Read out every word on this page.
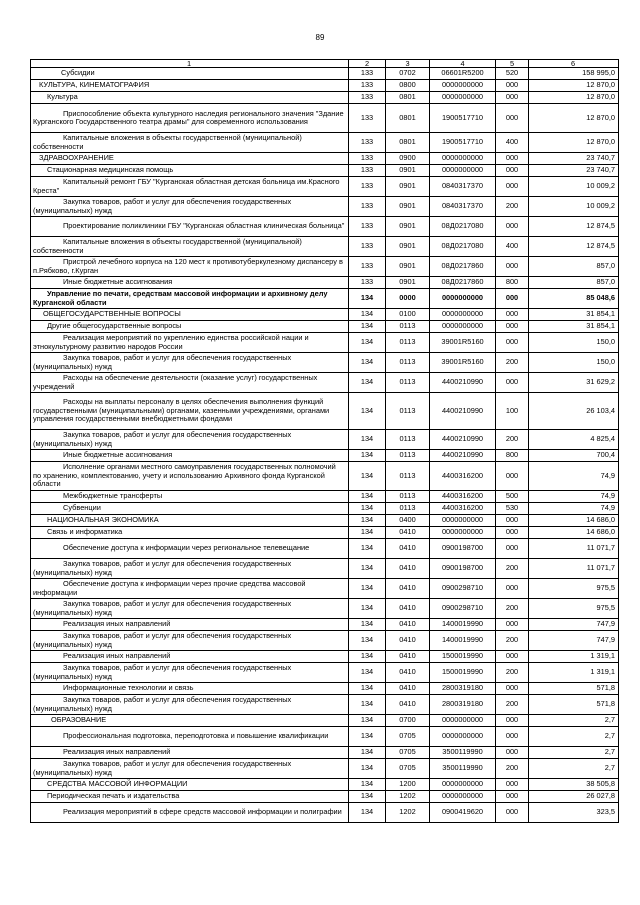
89
1	2	3	4	5	6
Субсидии	133	0702	06601R5200	520	158 995,0
КУЛЬТУРА, КИНЕМАТОГРАФИЯ	133	0800	0000000000	000	12 870,0
Культура	133	0801	0000000000	000	12 870,0
Приспособление объекта культурного наследия регионального значения "Здание Курганского Государственного театра драмы" для современного использования	133	0801	1900517710	000	12 870,0
Капитальные вложения в объекты государственной (муниципальной) собственности	133	0801	1900517710	400	12 870,0
ЗДРАВООХРАНЕНИЕ	133	0900	0000000000	000	23 740,7
Стационарная медицинская помощь	133	0901	0000000000	000	23 740,7
Капитальный ремонт ГБУ "Курганская областная детская больница им.Красного Креста"	133	0901	0840317370	000	10 009,2
Закупка товаров, работ и услуг для обеспечения государственных (муниципальных) нужд	133	0901	0840317370	200	10 009,2
Проектирование поликлиники ГБУ "Курганская областная клиническая больница"	133	0901	08Д0217080	000	12 874,5
Капитальные вложения в объекты государственной (муниципальной) собственности	133	0901	08Д0217080	400	12 874,5
Пристрой лечебного корпуса на 120 мест к противотуберкулезному диспансеру в п.Рябково, г.Курган	133	0901	08Д0217860	000	857,0
Иные бюджетные ассигнования	133	0901	08Д0217860	800	857,0
Управление по печати, средствам массовой информации и архивному делу Курганской области	134	0000	0000000000	000	85 048,6
ОБЩЕГОСУДАРСТВЕННЫЕ ВОПРОСЫ	134	0100	0000000000	000	31 854,1
Другие общегосударственные вопросы	134	0113	0000000000	000	31 854,1
Реализация мероприятий по укреплению единства российской нации и этнокультурному развитию народов России	134	0113	39001R5160	000	150,0
Закупка товаров, работ и услуг для обеспечения государственных (муниципальных) нужд	134	0113	39001R5160	200	150,0
Расходы на обеспечение деятельности (оказание услуг) государственных учреждений	134	0113	4400210990	000	31 629,2
Расходы на выплаты персоналу в целях обеспечения выполнения функций государственными (муниципальными) органами, казенными учреждениями, органами управления государственными внебюджетными фондами	134	0113	4400210990	100	26 103,4
Закупка товаров, работ и услуг для обеспечения государственных (муниципальных) нужд	134	0113	4400210990	200	4 825,4
Иные бюджетные ассигнования	134	0113	4400210990	800	700,4
Исполнение органами местного самоуправления государственных полномочий по хранению, комплектованию, учету и использованию Архивного фонда Курганской области	134	0113	4400316200	000	74,9
Межбюджетные трансферты	134	0113	4400316200	500	74,9
Субвенции	134	0113	4400316200	530	74,9
НАЦИОНАЛЬНАЯ ЭКОНОМИКА	134	0400	0000000000	000	14 686,0
Связь и информатика	134	0410	0000000000	000	14 686,0
Обеспечение доступа к информации через региональное телевещание	134	0410	0900198700	000	11 071,7
Закупка товаров, работ и услуг для обеспечения государственных (муниципальных) нужд	134	0410	0900198700	200	11 071,7
Обеспечение доступа к информации через прочие средства массовой информации	134	0410	0900298710	000	975,5
Закупка товаров, работ и услуг для обеспечения государственных (муниципальных) нужд	134	0410	0900298710	200	975,5
Реализация иных направлений	134	0410	1400019990	000	747,9
Закупка товаров, работ и услуг для обеспечения государственных (муниципальных) нужд	134	0410	1400019990	200	747,9
Реализация иных направлений	134	0410	1500019990	000	1 319,1
Закупка товаров, работ и услуг для обеспечения государственных (муниципальных) нужд	134	0410	1500019990	200	1 319,1
Информационные технологии и связь	134	0410	2800319180	000	571,8
Закупка товаров, работ и услуг для обеспечения государственных (муниципальных) нужд	134	0410	2800319180	200	571,8
ОБРАЗОВАНИЕ	134	0700	0000000000	000	2,7
Профессиональная подготовка, переподготовка и повышение квалификации	134	0705	0000000000	000	2,7
Реализация иных направлений	134	0705	3500119990	000	2,7
Закупка товаров, работ и услуг для обеспечения государственных (муниципальных) нужд	134	0705	3500119990	200	2,7
СРЕДСТВА МАССОВОЙ ИНФОРМАЦИИ	134	1200	0000000000	000	38 505,8
Периодическая печать и издательства	134	1202	0000000000	000	26 027,8
Реализация мероприятий в сфере средств массовой информации и полиграфии	134	1202	0900419620	000	323,5
